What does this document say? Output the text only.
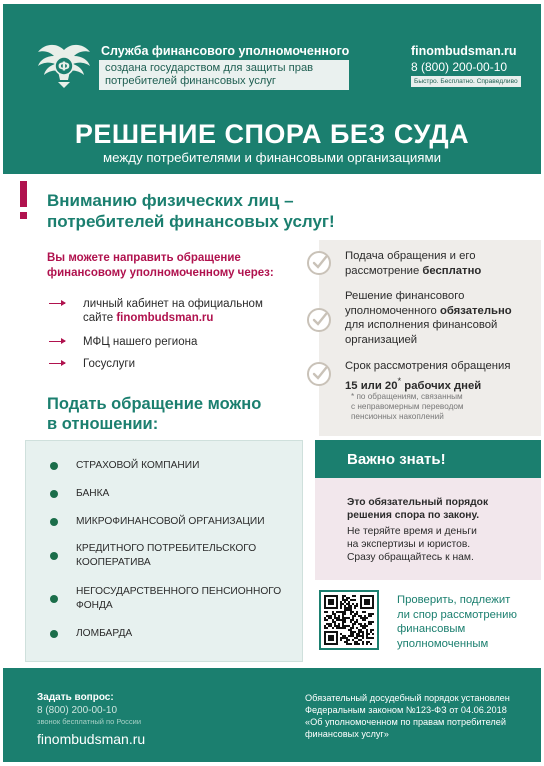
Ф
Служба финансового уполномоченного
создана государством для защиты прав
потребителей финансовых услуг
finombudsman.ru
8 (800) 200-00-10
Быстро. Бесплатно. Справедливо
РЕШЕНИЕ СПОРА БЕЗ СУДА
между потребителями и финансовыми организациями
Вниманию физических лиц –
потребителей финансовых услуг!
Вы можете направить обращение
финансовому уполномоченному через:
личный кабинет на официальном
сайте finombudsman.ru
МФЦ нашего региона
Госуслуги
Подать обращение можно
в отношении:
Подача обращения и его
рассмотрение бесплатно
Решение финансового
уполномоченного обязательно
для исполнения финансовой
организацией
Срок рассмотрения обращения
15 или 20* рабочих дней
* по обращениям, связанным
с неправомерным переводом
пенсионных накоплений
СТРАХОВОЙ КОМПАНИИ
БАНКА
МИКРОФИНАНСОВОЙ ОРГАНИЗАЦИИ
КРЕДИТНОГО ПОТРЕБИТЕЛЬСКОГО
КООПЕРАТИВА
НЕГОСУДАРСТВЕННОГО ПЕНСИОННОГО
ФОНДА
ЛОМБАРДА
Важно знать!
Это обязательный порядок
решения спора по закону.
Не теряйте время и деньги
на экспертизы и юристов.
Сразу обращайтесь к нам.
Проверить, подлежит
ли спор рассмотрению
финансовым
уполномоченным
Задать вопрос:
8 (800) 200-00-10
звонок бесплатный по России
finombudsman.ru
Обязательный досудебный порядок установлен
Федеральным законом №123-ФЗ от 04.06.2018
«Об уполномоченном по правам потребителей
финансовых услуг»
